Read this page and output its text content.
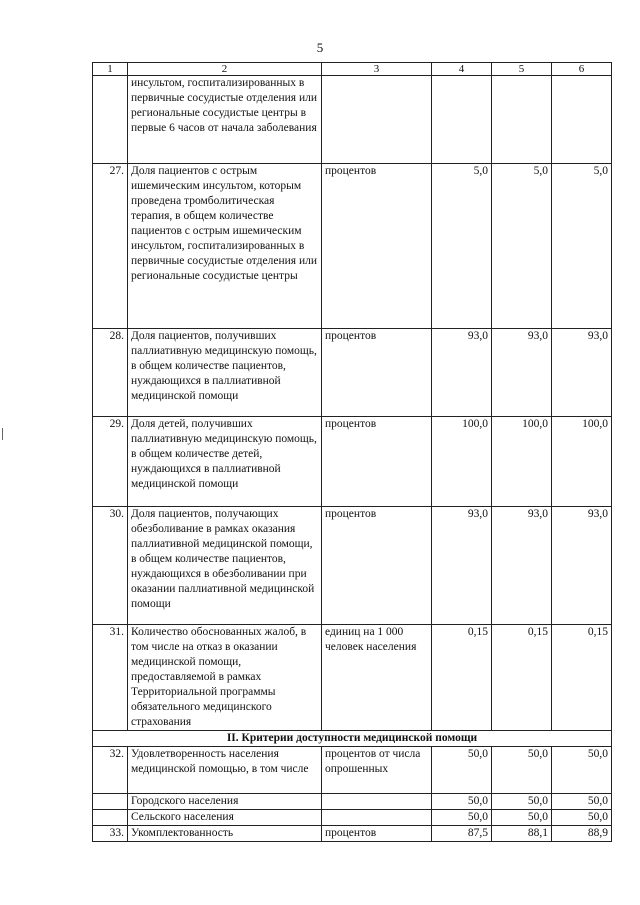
5
1	2	3	4	5	6
	инсультом, госпитализированных в первичные сосудистые отделения или региональные сосудистые центры в первые 6 часов от начала заболевания				
27.	Доля пациентов с острым ишемическим инсультом, которым проведена тромболитическая терапия, в общем количестве пациентов с острым ишемическим инсультом, госпитализированных в первичные сосудистые отделения или региональные сосудистые центры	процентов	5,0	5,0	5,0
28.	Доля пациентов, получивших паллиативную медицинскую помощь, в общем количестве пациентов, нуждающихся в паллиативной медицинской помощи	процентов	93,0	93,0	93,0
29.	Доля детей, получивших паллиативную медицинскую помощь, в общем количестве детей, нуждающихся в паллиативной медицинской помощи	процентов	100,0	100,0	100,0
30.	Доля пациентов, получающих обезболивание в рамках оказания паллиативной медицинской помощи, в общем количестве пациентов, нуждающихся в обезболивании при оказании паллиативной медицинской помощи	процентов	93,0	93,0	93,0
31.	Количество обоснованных жалоб, в том числе на отказ в оказании медицинской помощи, предоставляемой в рамках Территориальной программы обязательного медицинского страхования	единиц на 1 000 человек населения	0,15	0,15	0,15
II. Критерии доступности медицинской помощи					
32.	Удовлетворенность населения медицинской помощью, в том числе	процентов от числа опрошенных	50,0	50,0	50,0
	Городского населения		50,0	50,0	50,0
	Сельского населения		50,0	50,0	50,0
33.	Укомплектованность	процентов	87,5	88,1	88,9
